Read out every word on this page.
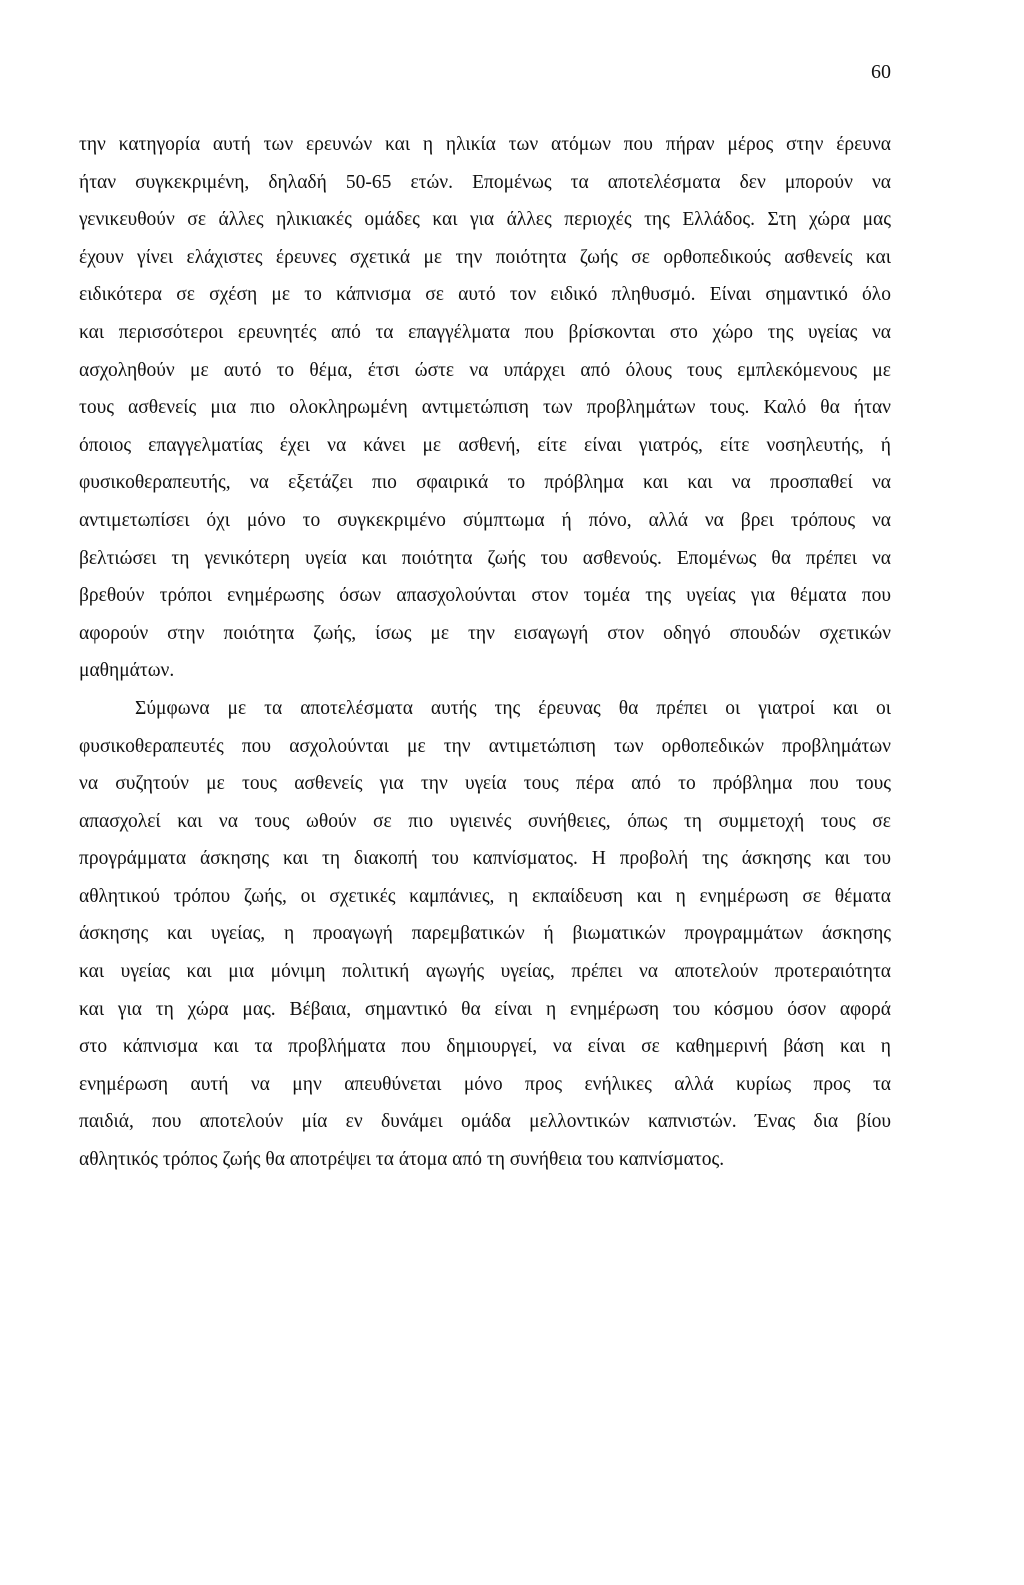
60
την κατηγορία αυτή των ερευνών και η ηλικία των ατόμων που πήραν μέρος στην έρευνα
ήταν συγκεκριμένη, δηλαδή 50-65 ετών. Επομένως τα αποτελέσματα δεν μπορούν να
γενικευθούν σε άλλες ηλικιακές ομάδες και για άλλες περιοχές της Ελλάδος. Στη χώρα μας
έχουν γίνει ελάχιστες έρευνες σχετικά με την ποιότητα ζωής σε ορθοπεδικούς ασθενείς και
ειδικότερα σε σχέση με το κάπνισμα σε αυτό τον ειδικό πληθυσμό. Είναι σημαντικό όλο
και περισσότεροι ερευνητές από τα επαγγέλματα που βρίσκονται στο χώρο της υγείας να
ασχοληθούν με αυτό το θέμα, έτσι ώστε να υπάρχει από όλους τους εμπλεκόμενους με
τους ασθενείς μια πιο ολοκληρωμένη αντιμετώπιση των προβλημάτων τους. Καλό θα ήταν
όποιος επαγγελματίας έχει να κάνει με ασθενή, είτε είναι γιατρός, είτε νοσηλευτής, ή
φυσικοθεραπευτής, να εξετάζει πιο σφαιρικά το πρόβλημα και και να προσπαθεί να
αντιμετωπίσει όχι μόνο το συγκεκριμένο σύμπτωμα ή πόνο, αλλά να βρει τρόπους να
βελτιώσει τη γενικότερη υγεία και ποιότητα ζωής του ασθενούς. Επομένως θα πρέπει να
βρεθούν τρόποι ενημέρωσης όσων απασχολούνται στον τομέα της υγείας για θέματα που
αφορούν στην ποιότητα ζωής, ίσως με την εισαγωγή στον οδηγό σπουδών σχετικών
μαθημάτων.
Σύμφωνα με τα αποτελέσματα αυτής της έρευνας θα πρέπει οι γιατροί και οι
φυσικοθεραπευτές που ασχολούνται με την αντιμετώπιση των ορθοπεδικών προβλημάτων
να συζητούν με τους ασθενείς για την υγεία τους πέρα από το πρόβλημα που τους
απασχολεί και να τους ωθούν σε πιο υγιεινές συνήθειες, όπως τη συμμετοχή τους σε
προγράμματα άσκησης και τη διακοπή του καπνίσματος. Η προβολή της άσκησης και του
αθλητικού τρόπου ζωής, οι σχετικές καμπάνιες, η εκπαίδευση και η ενημέρωση σε θέματα
άσκησης και υγείας, η προαγωγή παρεμβατικών ή βιωματικών προγραμμάτων άσκησης
και υγείας και μια μόνιμη πολιτική αγωγής υγείας, πρέπει να αποτελούν προτεραιότητα
και για τη χώρα μας. Βέβαια, σημαντικό θα είναι η ενημέρωση του κόσμου όσον αφορά
στο κάπνισμα και τα προβλήματα που δημιουργεί, να είναι σε καθημερινή βάση και η
ενημέρωση αυτή να μην απευθύνεται μόνο προς ενήλικες αλλά κυρίως προς τα
παιδιά, που αποτελούν μία εν δυνάμει ομάδα μελλοντικών καπνιστών. Ένας δια βίου
αθλητικός τρόπος ζωής θα αποτρέψει τα άτομα από τη συνήθεια του καπνίσματος.
